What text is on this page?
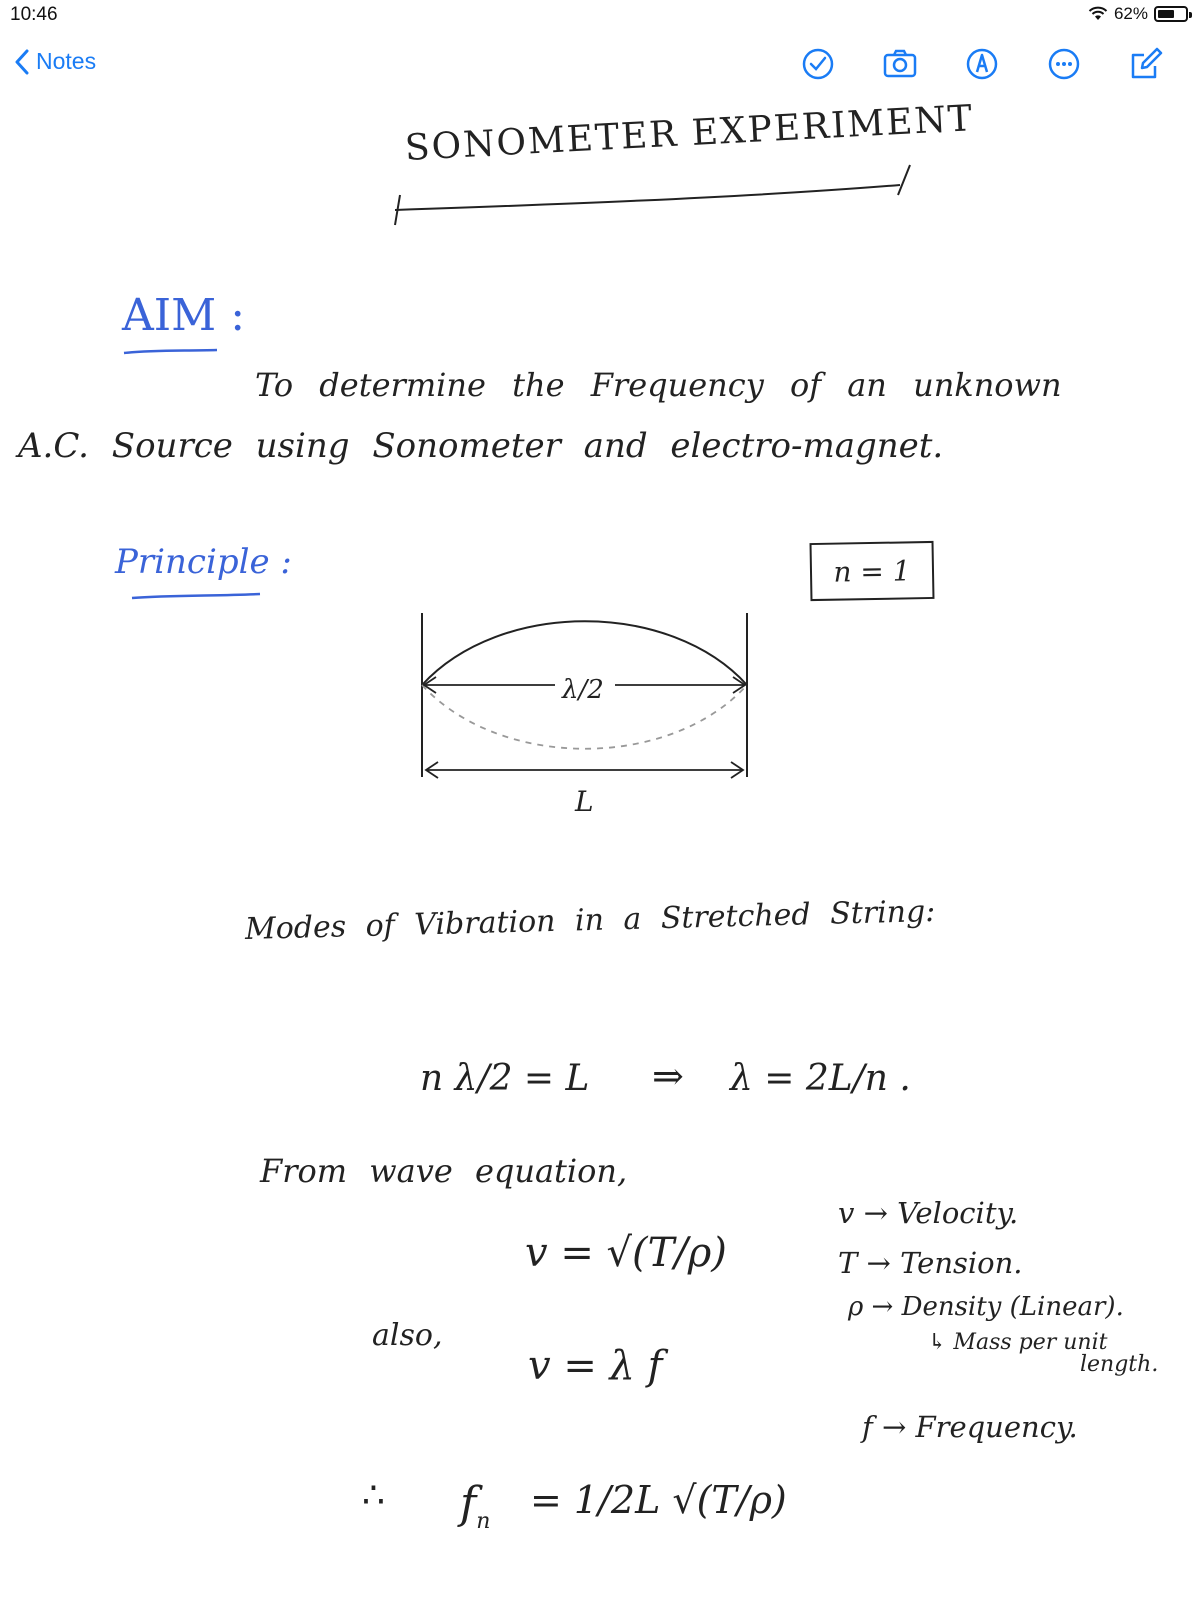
10:46	62%
Notes
SONOMETER EXPERIMENT
AIM :
To determine the Frequency of an unknown
A.C. Source using Sonometer and electro-magnet.
Principle :	n = 1
λ/2
L
Modes of Vibration in a Stretched String:
n λ/2 = L ⇒ λ = 2L/n .
From wave equation,
v = √(T/ρ)
also,
v = λ f
∴ $f_n = 1/2L$ √(T/ρ)
v → Velocity.
T → Tension.
ρ → Density (Linear).
↳ Mass per unit
length.
f → Frequency.
